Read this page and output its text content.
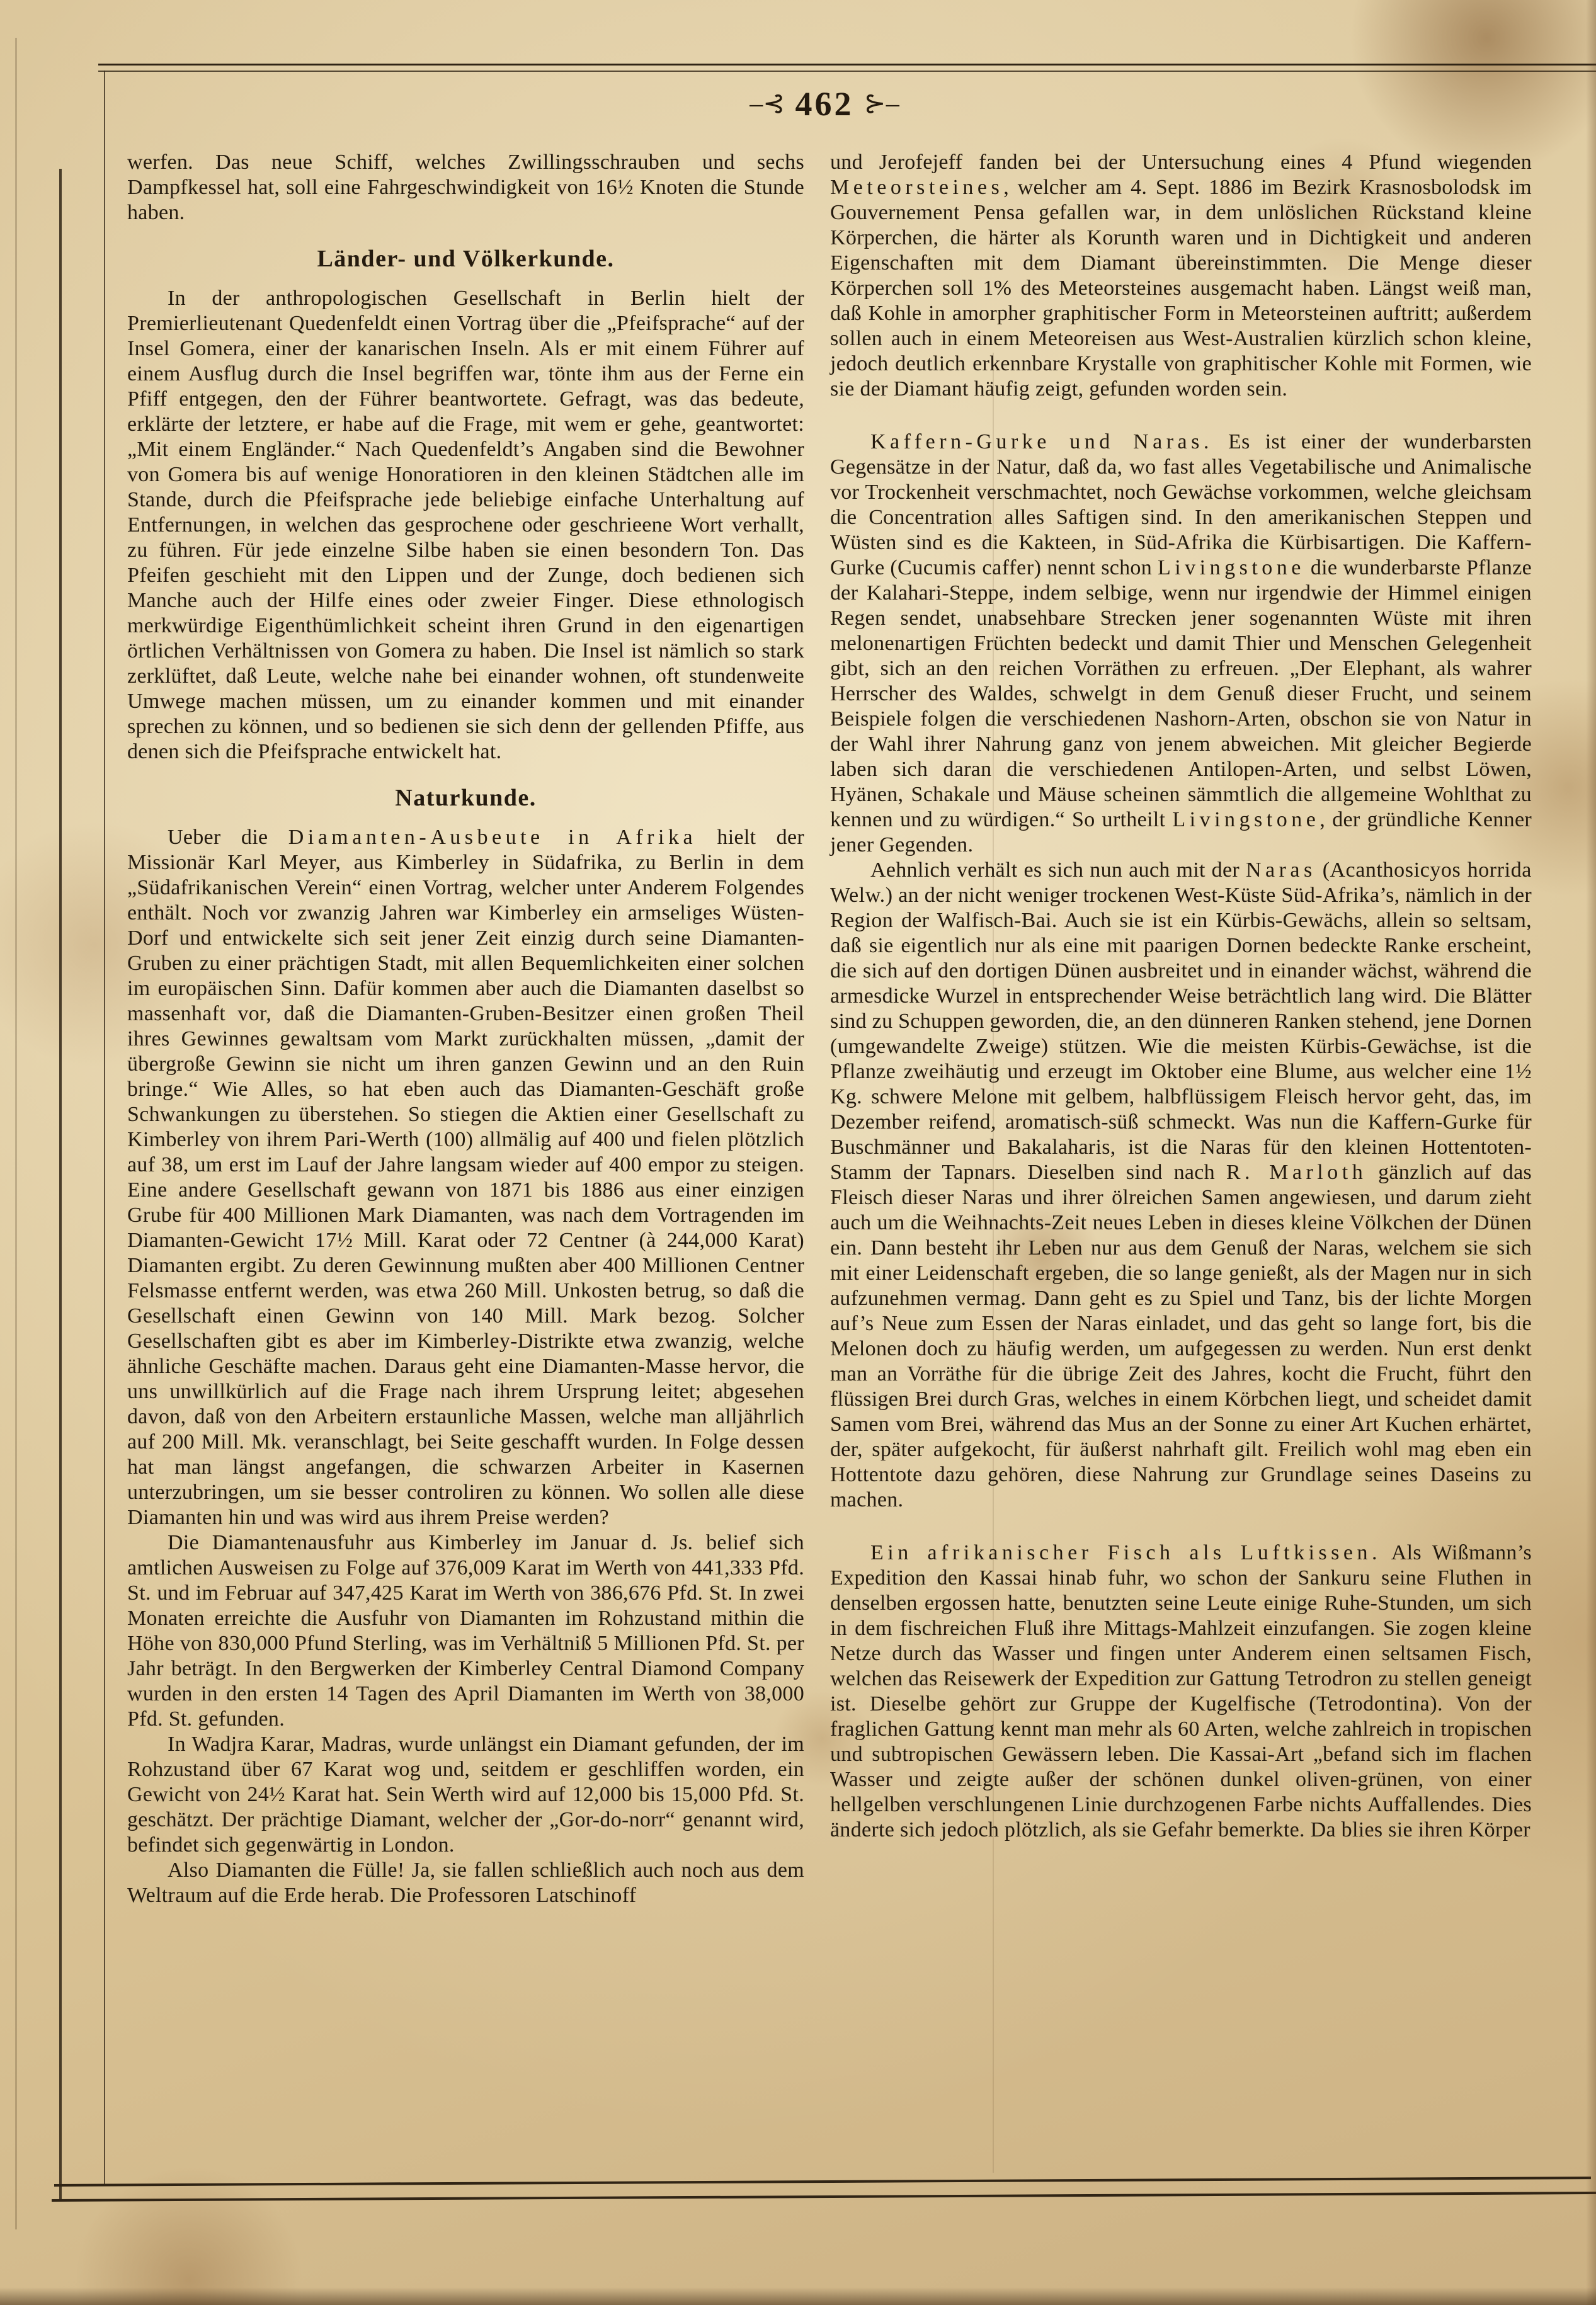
–⊰ 462 ⊱–
werfen. Das neue Schiff, welches Zwillingsschrauben und sechs Dampfkessel hat, soll eine Fahrgeschwindigkeit von 16½ Knoten die Stunde haben.
Länder- und Völkerkunde.
In der anthropologischen Gesellschaft in Berlin hielt der Premierlieutenant Quedenfeldt einen Vortrag über die „Pfeifsprache“ auf der Insel Gomera, einer der kanarischen Inseln. Als er mit einem Führer auf einem Ausflug durch die Insel begriffen war, tönte ihm aus der Ferne ein Pfiff entgegen, den der Führer beantwortete. Gefragt, was das bedeute, erklärte der letztere, er habe auf die Frage, mit wem er gehe, geantwortet: „Mit einem Engländer.“ Nach Quedenfeldt’s Angaben sind die Bewohner von Gomera bis auf wenige Honoratioren in den kleinen Städtchen alle im Stande, durch die Pfeifsprache jede beliebige einfache Unterhaltung auf Entfernungen, in welchen das gesprochene oder geschrieene Wort verhallt, zu führen. Für jede einzelne Silbe haben sie einen besondern Ton. Das Pfeifen geschieht mit den Lippen und der Zunge, doch bedienen sich Manche auch der Hilfe eines oder zweier Finger. Diese ethnologisch merkwürdige Eigenthümlichkeit scheint ihren Grund in den eigenartigen örtlichen Verhältnissen von Gomera zu haben. Die Insel ist nämlich so stark zerklüftet, daß Leute, welche nahe bei einander wohnen, oft stundenweite Umwege machen müssen, um zu einander kommen und mit einander sprechen zu können, und so bedienen sie sich denn der gellenden Pfiffe, aus denen sich die Pfeifsprache entwickelt hat.
Naturkunde.
Ueber die Diamanten-Ausbeute in Afrika hielt der Missionär Karl Meyer, aus Kimberley in Südafrika, zu Berlin in dem „Südafrikanischen Verein“ einen Vortrag, welcher unter Anderem Folgendes enthält. Noch vor zwanzig Jahren war Kimberley ein armseliges Wüsten-Dorf und entwickelte sich seit jener Zeit einzig durch seine Diamanten-Gruben zu einer prächtigen Stadt, mit allen Bequemlichkeiten einer solchen im europäischen Sinn. Dafür kommen aber auch die Diamanten daselbst so massenhaft vor, daß die Diamanten-Gruben-Besitzer einen großen Theil ihres Gewinnes gewaltsam vom Markt zurückhalten müssen, „damit der übergroße Gewinn sie nicht um ihren ganzen Gewinn und an den Ruin bringe.“ Wie Alles, so hat eben auch das Diamanten-Geschäft große Schwankungen zu überstehen. So stiegen die Aktien einer Gesellschaft zu Kimberley von ihrem Pari-Werth (100) allmälig auf 400 und fielen plötzlich auf 38, um erst im Lauf der Jahre langsam wieder auf 400 empor zu steigen. Eine andere Gesellschaft gewann von 1871 bis 1886 aus einer einzigen Grube für 400 Millionen Mark Diamanten, was nach dem Vortragenden im Diamanten-Gewicht 17½ Mill. Karat oder 72 Centner (à 244,000 Karat) Diamanten ergibt. Zu deren Gewinnung mußten aber 400 Millionen Centner Felsmasse entfernt werden, was etwa 260 Mill. Unkosten betrug, so daß die Gesellschaft einen Gewinn von 140 Mill. Mark bezog. Solcher Gesellschaften gibt es aber im Kimberley-Distrikte etwa zwanzig, welche ähnliche Geschäfte machen. Daraus geht eine Diamanten-Masse hervor, die uns unwillkürlich auf die Frage nach ihrem Ursprung leitet; abgesehen davon, daß von den Arbeitern erstaunliche Massen, welche man alljährlich auf 200 Mill. Mk. veranschlagt, bei Seite geschafft wurden. In Folge dessen hat man längst angefangen, die schwarzen Arbeiter in Kasernen unterzubringen, um sie besser controliren zu können. Wo sollen alle diese Diamanten hin und was wird aus ihrem Preise werden?
Die Diamantenausfuhr aus Kimberley im Januar d. Js. belief sich amtlichen Ausweisen zu Folge auf 376,009 Karat im Werth von 441,333 Pfd. St. und im Februar auf 347,425 Karat im Werth von 386,676 Pfd. St. In zwei Monaten erreichte die Ausfuhr von Diamanten im Rohzustand mithin die Höhe von 830,000 Pfund Sterling, was im Verhältniß 5 Millionen Pfd. St. per Jahr beträgt. In den Bergwerken der Kimberley Central Diamond Company wurden in den ersten 14 Tagen des April Diamanten im Werth von 38,000 Pfd. St. gefunden.
In Wadjra Karar, Madras, wurde unlängst ein Diamant gefunden, der im Rohzustand über 67 Karat wog und, seitdem er geschliffen worden, ein Gewicht von 24½ Karat hat. Sein Werth wird auf 12,000 bis 15,000 Pfd. St. geschätzt. Der prächtige Diamant, welcher der „Gor-do-norr“ genannt wird, befindet sich gegenwärtig in London.
Also Diamanten die Fülle! Ja, sie fallen schließlich auch noch aus dem Weltraum auf die Erde herab. Die Professoren Latschinoff
und Jerofejeff fanden bei der Untersuchung eines 4 Pfund wiegenden Meteorsteines, welcher am 4. Sept. 1886 im Bezirk Krasnosbolodsk im Gouvernement Pensa gefallen war, in dem unlöslichen Rückstand kleine Körperchen, die härter als Korunth waren und in Dichtigkeit und anderen Eigenschaften mit dem Diamant übereinstimmten. Die Menge dieser Körperchen soll 1% des Meteorsteines ausgemacht haben. Längst weiß man, daß Kohle in amorpher graphitischer Form in Meteorsteinen auftritt; außerdem sollen auch in einem Meteoreisen aus West-Australien kürzlich schon kleine, jedoch deutlich erkennbare Krystalle von graphitischer Kohle mit Formen, wie sie der Diamant häufig zeigt, gefunden worden sein.
Kaffern-Gurke und Naras. Es ist einer der wunderbarsten Gegensätze in der Natur, daß da, wo fast alles Vegetabilische und Animalische vor Trockenheit verschmachtet, noch Gewächse vorkommen, welche gleichsam die Concentration alles Saftigen sind. In den amerikanischen Steppen und Wüsten sind es die Kakteen, in Süd-Afrika die Kürbisartigen. Die Kaffern-Gurke (Cucumis caffer) nennt schon Livingstone die wunderbarste Pflanze der Kalahari-Steppe, indem selbige, wenn nur irgendwie der Himmel einigen Regen sendet, unabsehbare Strecken jener sogenannten Wüste mit ihren melonenartigen Früchten bedeckt und damit Thier und Menschen Gelegenheit gibt, sich an den reichen Vorräthen zu erfreuen. „Der Elephant, als wahrer Herrscher des Waldes, schwelgt in dem Genuß dieser Frucht, und seinem Beispiele folgen die verschiedenen Nashorn-Arten, obschon sie von Natur in der Wahl ihrer Nahrung ganz von jenem abweichen. Mit gleicher Begierde laben sich daran die verschiedenen Antilopen-Arten, und selbst Löwen, Hyänen, Schakale und Mäuse scheinen sämmtlich die allgemeine Wohlthat zu kennen und zu würdigen.“ So urtheilt Livingstone, der gründliche Kenner jener Gegenden.
Aehnlich verhält es sich nun auch mit der Naras (Acanthosicyos horrida Welw.) an der nicht weniger trockenen West-Küste Süd-Afrika’s, nämlich in der Region der Walfisch-Bai. Auch sie ist ein Kürbis-Gewächs, allein so seltsam, daß sie eigentlich nur als eine mit paarigen Dornen bedeckte Ranke erscheint, die sich auf den dortigen Dünen ausbreitet und in einander wächst, während die armesdicke Wurzel in entsprechender Weise beträchtlich lang wird. Die Blätter sind zu Schuppen geworden, die, an den dünneren Ranken stehend, jene Dornen (umgewandelte Zweige) stützen. Wie die meisten Kürbis-Gewächse, ist die Pflanze zweihäutig und erzeugt im Oktober eine Blume, aus welcher eine 1½ Kg. schwere Melone mit gelbem, halbflüssigem Fleisch hervor geht, das, im Dezember reifend, aromatisch-süß schmeckt. Was nun die Kaffern-Gurke für Buschmänner und Bakalaharis, ist die Naras für den kleinen Hottentoten-Stamm der Tapnars. Dieselben sind nach R. Marloth gänzlich auf das Fleisch dieser Naras und ihrer ölreichen Samen angewiesen, und darum zieht auch um die Weihnachts-Zeit neues Leben in dieses kleine Völkchen der Dünen ein. Dann besteht ihr Leben nur aus dem Genuß der Naras, welchem sie sich mit einer Leidenschaft ergeben, die so lange genießt, als der Magen nur in sich aufzunehmen vermag. Dann geht es zu Spiel und Tanz, bis der lichte Morgen auf’s Neue zum Essen der Naras einladet, und das geht so lange fort, bis die Melonen doch zu häufig werden, um aufgegessen zu werden. Nun erst denkt man an Vorräthe für die übrige Zeit des Jahres, kocht die Frucht, führt den flüssigen Brei durch Gras, welches in einem Körbchen liegt, und scheidet damit Samen vom Brei, während das Mus an der Sonne zu einer Art Kuchen erhärtet, der, später aufgekocht, für äußerst nahrhaft gilt. Freilich wohl mag eben ein Hottentote dazu gehören, diese Nahrung zur Grundlage seines Daseins zu machen.
Ein afrikanischer Fisch als Luftkissen. Als Wißmann’s Expedition den Kassai hinab fuhr, wo schon der Sankuru seine Fluthen in denselben ergossen hatte, benutzten seine Leute einige Ruhe-Stunden, um sich in dem fischreichen Fluß ihre Mittags-Mahlzeit einzufangen. Sie zogen kleine Netze durch das Wasser und fingen unter Anderem einen seltsamen Fisch, welchen das Reisewerk der Expedition zur Gattung Tetrodron zu stellen geneigt ist. Dieselbe gehört zur Gruppe der Kugelfische (Tetrodontina). Von der fraglichen Gattung kennt man mehr als 60 Arten, welche zahlreich in tropischen und subtropischen Gewässern leben. Die Kassai-Art „befand sich im flachen Wasser und zeigte außer der schönen dunkel oliven-grünen, von einer hellgelben verschlungenen Linie durchzogenen Farbe nichts Auffallendes. Dies änderte sich jedoch plötzlich, als sie Gefahr bemerkte. Da blies sie ihren Körper
